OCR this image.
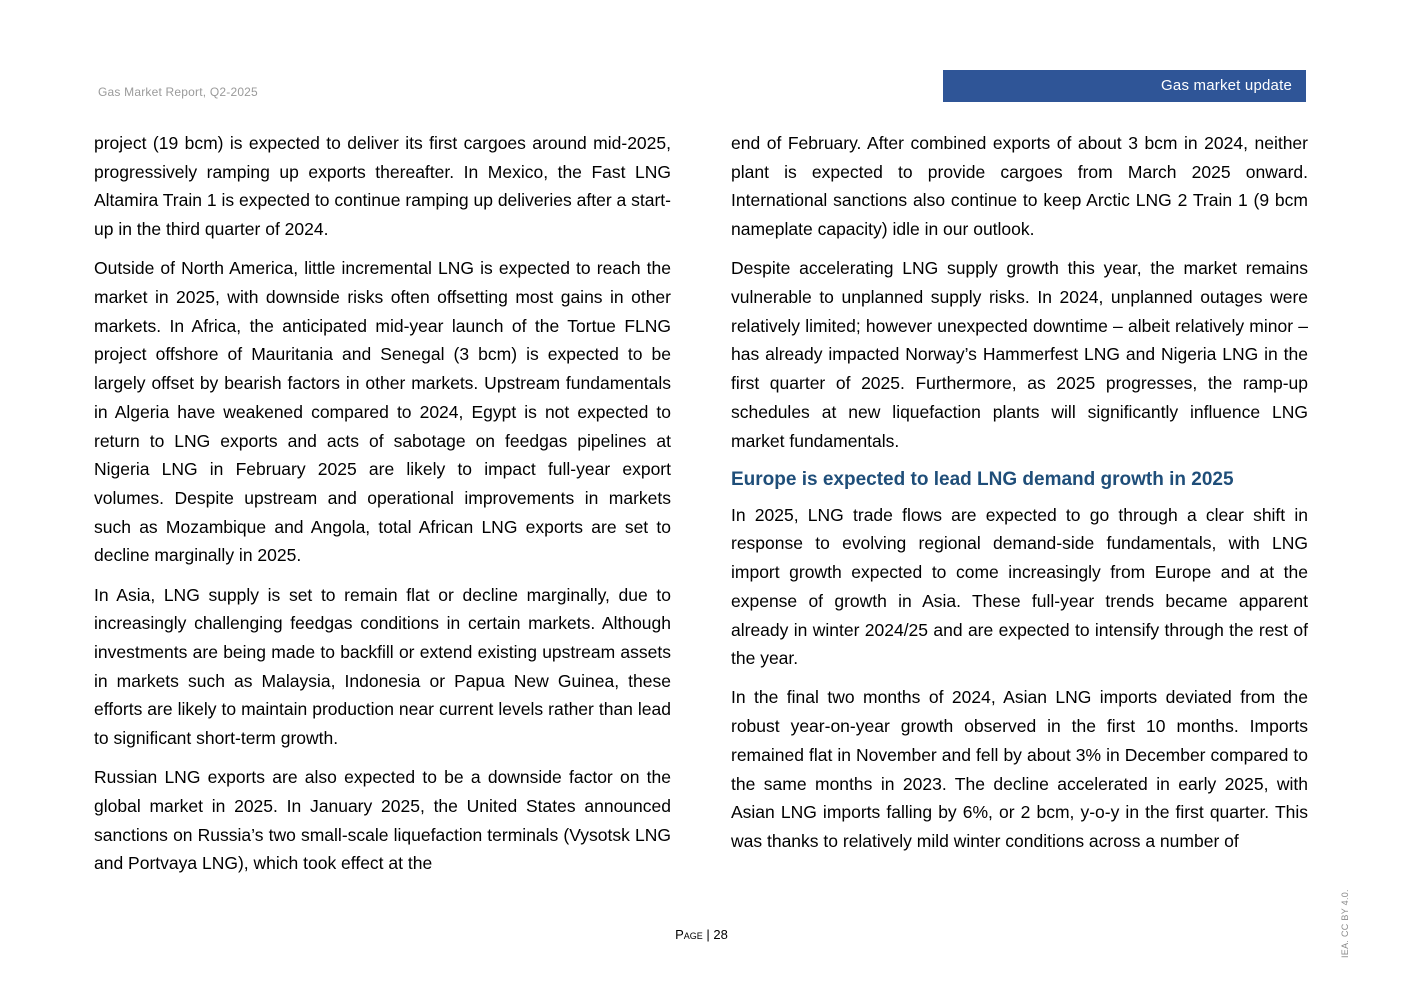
Gas Market Report, Q2-2025	Gas market update

project (19 bcm) is expected to deliver its first cargoes around mid-2025, progressively ramping up exports thereafter. In Mexico, the Fast LNG Altamira Train 1 is expected to continue ramping up deliveries after a start-up in the third quarter of 2024.

Outside of North America, little incremental LNG is expected to reach the market in 2025, with downside risks often offsetting most gains in other markets. In Africa, the anticipated mid-year launch of the Tortue FLNG project offshore of Mauritania and Senegal (3 bcm) is expected to be largely offset by bearish factors in other markets. Upstream fundamentals in Algeria have weakened compared to 2024, Egypt is not expected to return to LNG exports and acts of sabotage on feedgas pipelines at Nigeria LNG in February 2025 are likely to impact full-year export volumes. Despite upstream and operational improvements in markets such as Mozambique and Angola, total African LNG exports are set to decline marginally in 2025.

In Asia, LNG supply is set to remain flat or decline marginally, due to increasingly challenging feedgas conditions in certain markets. Although investments are being made to backfill or extend existing upstream assets in markets such as Malaysia, Indonesia or Papua New Guinea, these efforts are likely to maintain production near current levels rather than lead to significant short-term growth.

Russian LNG exports are also expected to be a downside factor on the global market in 2025. In January 2025, the United States announced sanctions on Russia’s two small-scale liquefaction terminals (Vysotsk LNG and Portvaya LNG), which took effect at the

end of February. After combined exports of about 3 bcm in 2024, neither plant is expected to provide cargoes from March 2025 onward. International sanctions also continue to keep Arctic LNG 2 Train 1 (9 bcm nameplate capacity) idle in our outlook.

Despite accelerating LNG supply growth this year, the market remains vulnerable to unplanned supply risks. In 2024, unplanned outages were relatively limited; however unexpected downtime – albeit relatively minor – has already impacted Norway’s Hammerfest LNG and Nigeria LNG in the first quarter of 2025. Furthermore, as 2025 progresses, the ramp-up schedules at new liquefaction plants will significantly influence LNG market fundamentals.

Europe is expected to lead LNG demand growth in 2025

In 2025, LNG trade flows are expected to go through a clear shift in response to evolving regional demand-side fundamentals, with LNG import growth expected to come increasingly from Europe and at the expense of growth in Asia. These full-year trends became apparent already in winter 2024/25 and are expected to intensify through the rest of the year.

In the final two months of 2024, Asian LNG imports deviated from the robust year-on-year growth observed in the first 10 months. Imports remained flat in November and fell by about 3% in December compared to the same months in 2023. The decline accelerated in early 2025, with Asian LNG imports falling by 6%, or 2 bcm, y-o-y in the first quarter. This was thanks to relatively mild winter conditions across a number of

Page | 28	IEA. CC BY 4.0.
